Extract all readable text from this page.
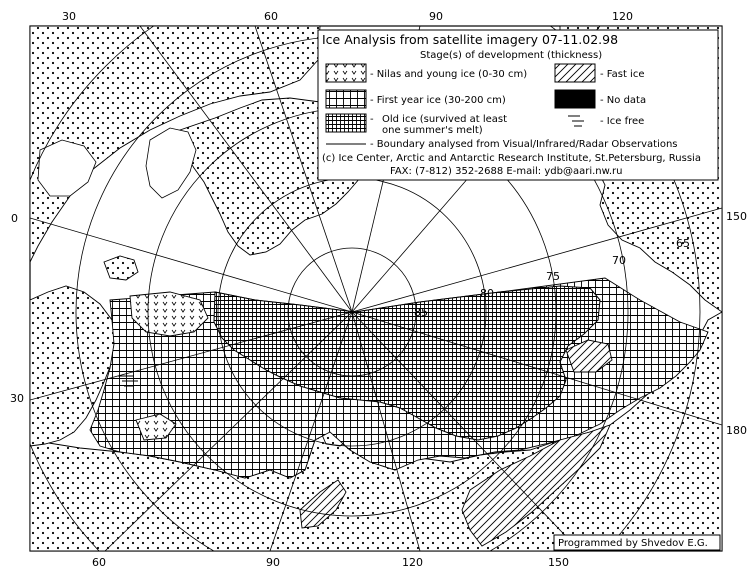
85
80
75
70
65
30	60	90	120
60	90	120	150
0
30
150
180
Ice Analysis from satellite imagery 07-11.02.98
Stage(s) of development (thickness)
- Nilas and young ice (0-30 cm)	- Fast ice
- First year ice (30-200 cm)	- No data
- Old ice (survived at least
one summer's melt)
- Ice free
- Boundary analysed from Visual/Infrared/Radar Observations
(c) Ice Center, Arctic and Antarctic Research Institute, St.Petersburg, Russia
FAX: (7-812) 352-2688 E-mail: ydb@aari.nw.ru
Programmed by Shvedov E.G.
